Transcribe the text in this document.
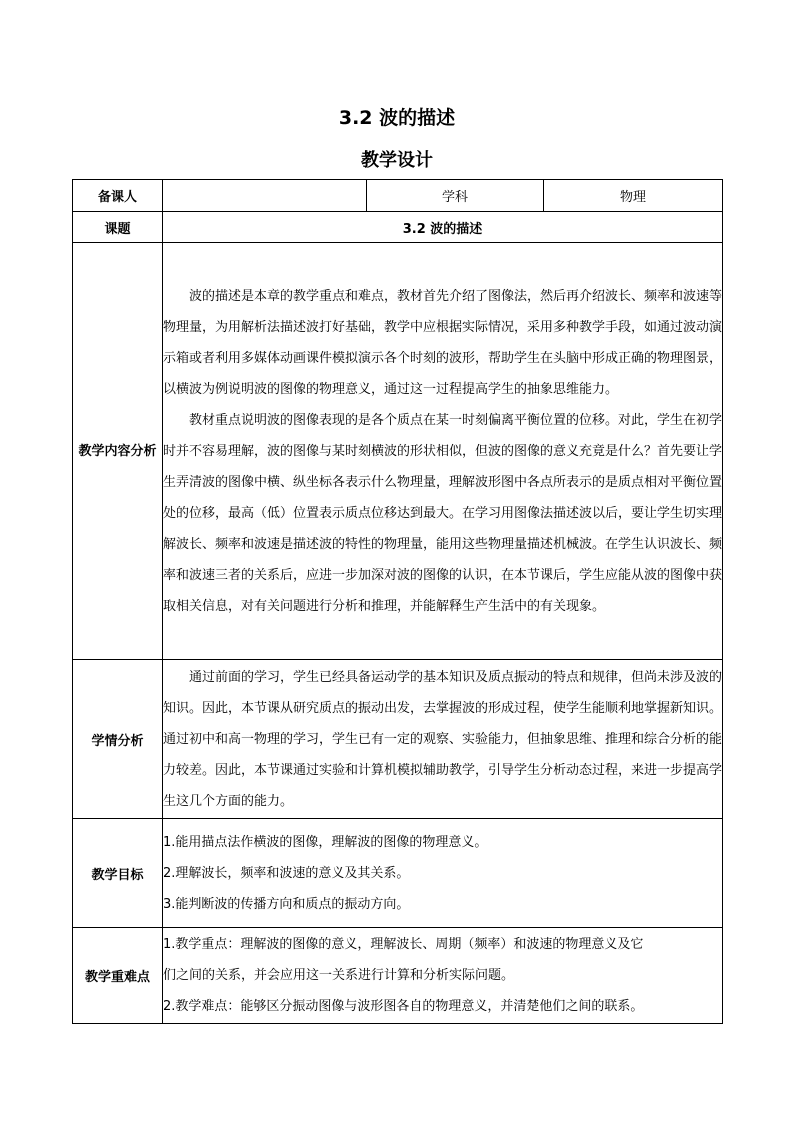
3.2 波的描述
教学设计
备课人		学科	物理
课题	3.2 波的描述		
教学内容分析	波的描述是本章的教学重点和难点，教材首先介绍了图像法，然后再介绍波长、频率和波速等物理量，为用解析法描述波打好基础，教学中应根据实际情况，采用多种教学手段，如通过波动演示箱或者利用多媒体动画课件模拟演示各个时刻的波形，帮助学生在头脑中形成正确的物理图景，以横波为例说明波的图像的物理意义，通过这一过程提高学生的抽象思维能力。

教材重点说明波的图像表现的是各个质点在某一时刻偏离平衡位置的位移。对此，学生在初学时并不容易理解，波的图像与某时刻横波的形状相似，但波的图像的意义充竟是什么？首先要让学生弄清波的图像中横、纵坐标各表示什么物理量，理解波形图中各点所表示的是质点相对平衡位置处的位移，最高（低）位置表示质点位移达到最大。在学习用图像法描述波以后，要让学生切实理解波长、频率和波速是描述波的特性的物理量，能用这些物理量描述机械波。在学生认识波长、频率和波速三者的关系后，应进一步加深对波的图像的认识，在本节课后，学生应能从波的图像中获取相关信息，对有关问题进行分析和推理，并能解释生产生活中的有关现象。		

学情分析	通过前面的学习，学生已经具备运动学的基本知识及质点振动的特点和规律，但尚未涉及波的知识。因此，本节课从研究质点的振动出发，去掌握波的形成过程，使学生能顺利地掌握新知识。通过初中和高一物理的学习，学生已有一定的观察、实验能力，但抽象思维、推理和综合分析的能力较差。因此，本节课通过实验和计算机模拟辅助教学，引导学生分析动态过程，来进一步提高学生这几个方面的能力。		

教学目标	1.能用描点法作横波的图像，理解波的图像的物理意义。

2.理解波长，频率和波速的意义及其关系。

3.能判断波的传播方向和质点的振动方向。		

教学重难点	1.教学重点：理解波的图像的意义，理解波长、周期（频率）和波速的物理意义及它

们之间的关系，并会应用这一关系进行计算和分析实际问题。

2.教学难点：能够区分振动图像与波形图各自的物理意义，并清楚他们之间的联系。		
